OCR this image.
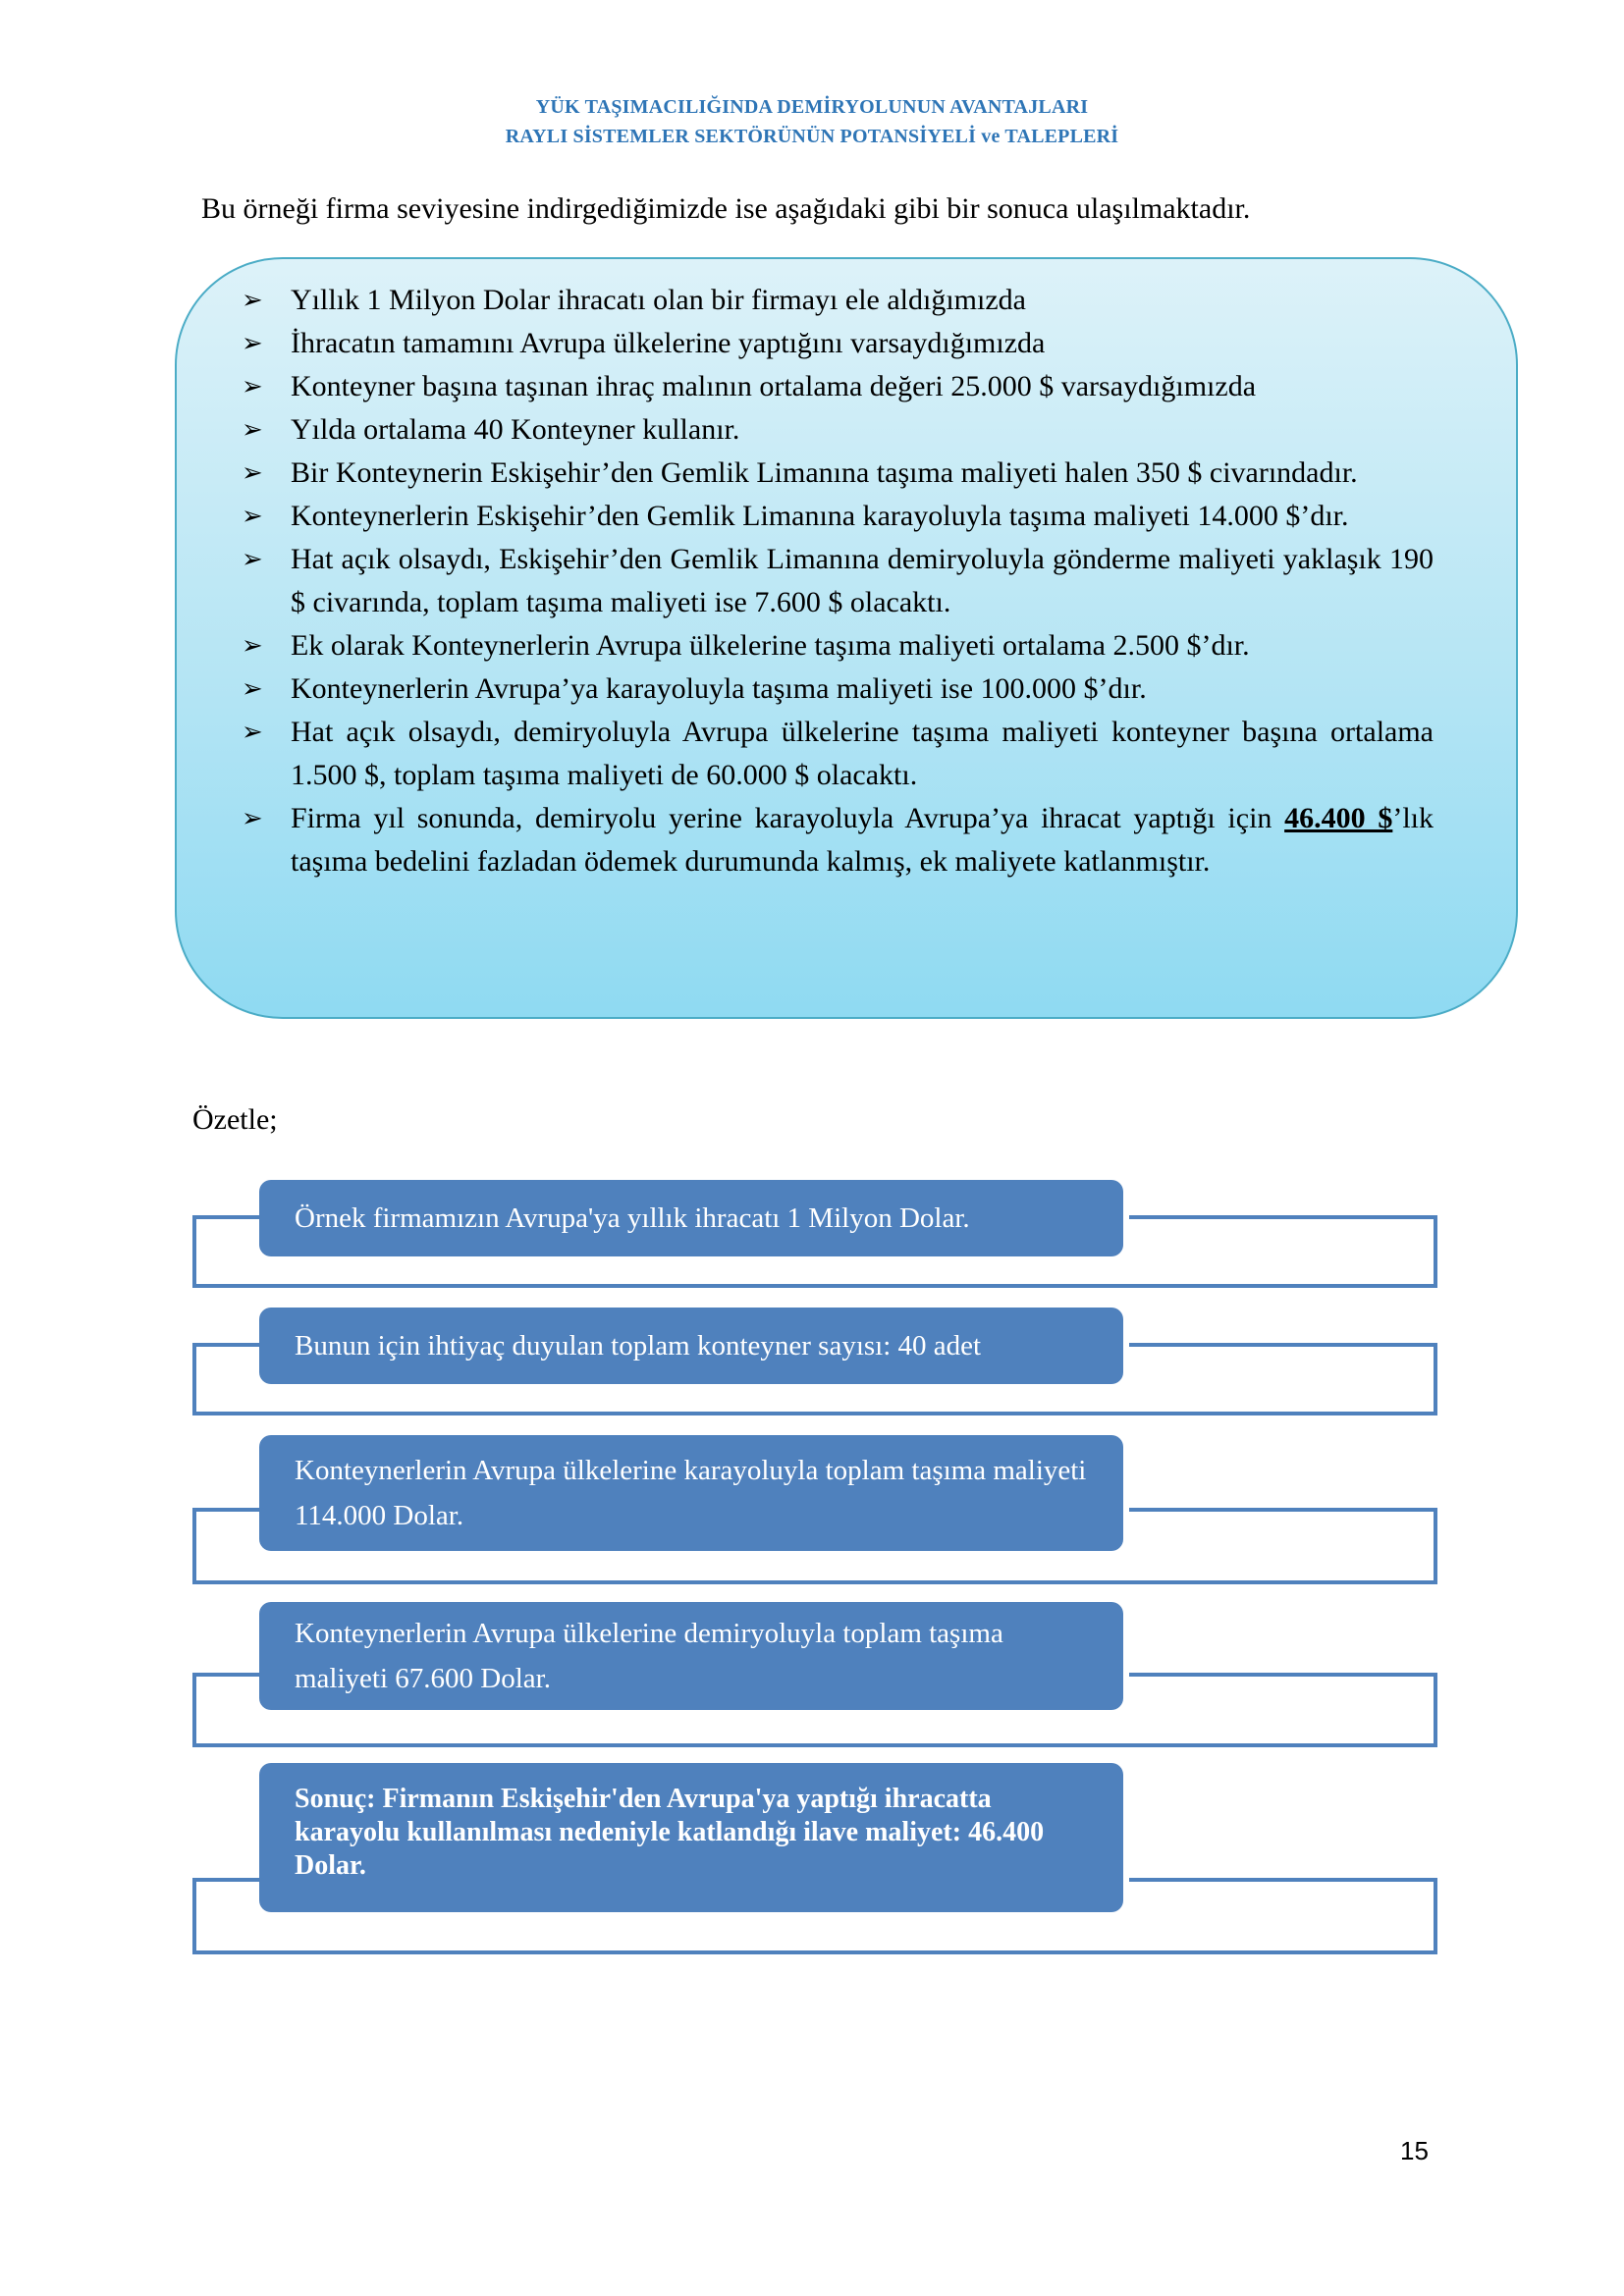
YÜK TAŞIMACILIĞINDA DEMİRYOLUNUN AVANTAJLARI
RAYLI SİSTEMLER SEKTÖRÜNÜN POTANSİYELİ ve TALEPLERİ
Bu örneği firma seviyesine indirgediğimizde ise aşağıdaki gibi bir sonuca ulaşılmaktadır.
➢ Yıllık 1 Milyon Dolar ihracatı olan bir firmayı ele aldığımızda
➢ İhracatın tamamını Avrupa ülkelerine yaptığını varsaydığımızda
➢ Konteyner başına taşınan ihraç malının ortalama değeri 25.000 $ varsaydığımızda
➢ Yılda ortalama 40 Konteyner kullanır.
➢ Bir Konteynerin Eskişehir’den Gemlik Limanına taşıma maliyeti halen 350 $ civarındadır.
➢ Konteynerlerin Eskişehir’den Gemlik Limanına karayoluyla taşıma maliyeti 14.000 $’dır.
➢ Hat açık olsaydı, Eskişehir’den Gemlik Limanına demiryoluyla gönderme maliyeti yaklaşık 190 $ civarında, toplam taşıma maliyeti ise 7.600 $ olacaktı.
➢ Ek olarak Konteynerlerin Avrupa ülkelerine taşıma maliyeti ortalama 2.500 $’dır.
➢ Konteynerlerin Avrupa’ya karayoluyla taşıma maliyeti ise 100.000 $’dır.
➢ Hat açık olsaydı, demiryoluyla Avrupa ülkelerine taşıma maliyeti konteyner başına ortalama 1.500 $, toplam taşıma maliyeti de 60.000 $ olacaktı.
➢ Firma yıl sonunda, demiryolu yerine karayoluyla Avrupa’ya ihracat yaptığı için 46.400 $’lık taşıma bedelini fazladan ödemek durumunda kalmış, ek maliyete katlanmıştır.
Özetle;
Örnek firmamızın Avrupa'ya yıllık ihracatı 1 Milyon Dolar.
Bunun için ihtiyaç duyulan toplam konteyner sayısı: 40 adet
Konteynerlerin Avrupa ülkelerine karayoluyla toplam taşıma maliyeti 114.000 Dolar.
Konteynerlerin Avrupa ülkelerine demiryoluyla toplam taşıma maliyeti 67.600 Dolar.
Sonuç: Firmanın Eskişehir'den Avrupa'ya yaptığı ihracatta karayolu kullanılması nedeniyle katlandığı ilave maliyet: 46.400 Dolar.
15
